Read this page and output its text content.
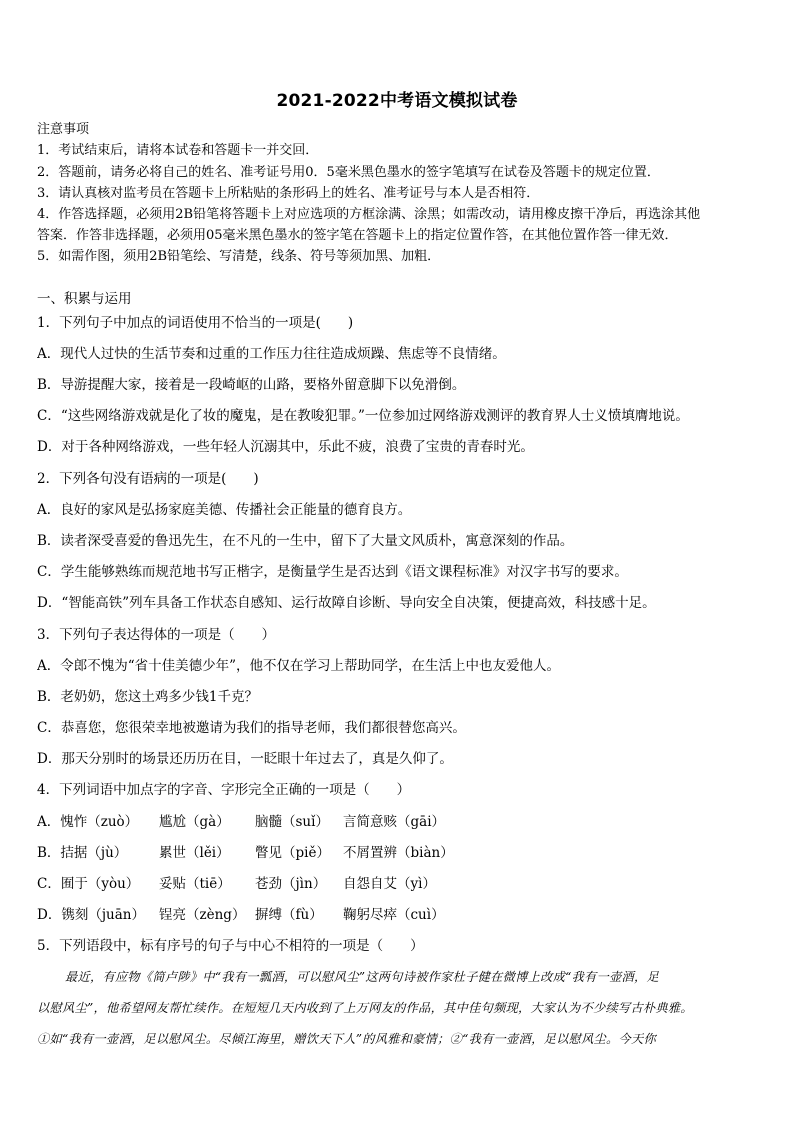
2021-2022中考语文模拟试卷
注意事项
1．考试结束后，请将本试卷和答题卡一并交回．
2．答题前，请务必将自己的姓名、准考证号用0．5毫米黑色墨水的签字笔填写在试卷及答题卡的规定位置．
3．请认真核对监考员在答题卡上所粘贴的条形码上的姓名、准考证号与本人是否相符．
4．作答选择题，必须用2B铅笔将答题卡上对应选项的方框涂满、涂黑；如需改动，请用橡皮擦干净后，再选涂其他
答案．作答非选择题，必须用05毫米黑色墨水的签字笔在答题卡上的指定位置作答，在其他位置作答一律无效．
5．如需作图，须用2B铅笔绘、写清楚，线条、符号等须加黑、加粗．
一、积累与运用
1．下列句子中加点的词语使用不恰当的一项是(　　)
A．现代人过快的生活节奏和过重的工作压力往往造成烦躁、焦虑等不良情绪。
B．导游提醒大家，接着是一段崎岖的山路，要格外留意脚下以免滑倒。
C．“这些网络游戏就是化了妆的魔鬼，是在教唆犯罪。”一位参加过网络游戏测评的教育界人士义愤填膺地说。
D．对于各种网络游戏，一些年轻人沉溺其中，乐此不疲，浪费了宝贵的青春时光。
2．下列各句没有语病的一项是(　　)
A．良好的家风是弘扬家庭美德、传播社会正能量的德育良方。
B．读者深受喜爱的鲁迅先生，在不凡的一生中，留下了大量文风质朴，寓意深刻的作品。
C．学生能够熟练而规范地书写正楷字，是衡量学生是否达到《语文课程标准》对汉字书写的要求。
D．“智能高铁”列车具备工作状态自感知、运行故障自诊断、导向安全自决策，便捷高效，科技感十足。
3．下列句子表达得体的一项是（　　）
A．令郎不愧为“省十佳美德少年”，他不仅在学习上帮助同学，在生活上中也友爱他人。
B．老奶奶，您这土鸡多少钱1千克？
C．恭喜您，您很荣幸地被邀请为我们的指导老师，我们都很替您高兴。
D．那天分别时的场景还历历在目，一眨眼十年过去了，真是久仰了。
4．下列词语中加点字的字音、字形完全正确的一项是（　　）
A．愧怍（zuò） 尴尬（gà） 脑髓（suǐ） 言简意赅（gāi）
B．拮据（jù） 累世（lěi） 瞥见（piě） 不屑置辨（biàn）
C．囿于（yòu） 妥贴（tiē） 苍劲（jìn） 自怨自艾（yì）
D．镌刻（juān） 锃亮（zèng） 摒缚（fù） 鞠躬尽瘁（cuì）
5．下列语段中，标有序号的句子与中心不相符的一项是（　　）
最近，有应物《简卢陟》中“我有一瓢酒，可以慰风尘”这两句诗被作家杜子健在微博上改成“我有一壶酒，足
以慰风尘”，他希望网友帮忙续作。在短短几天内收到了上万网友的作品，其中佳句频现，大家认为不少续写古朴典雅。
①如“我有一壶酒，足以慰风尘。尽倾江海里，赠饮天下人”的风雅和豪情；②“我有一壶酒，足以慰风尘。今天你
